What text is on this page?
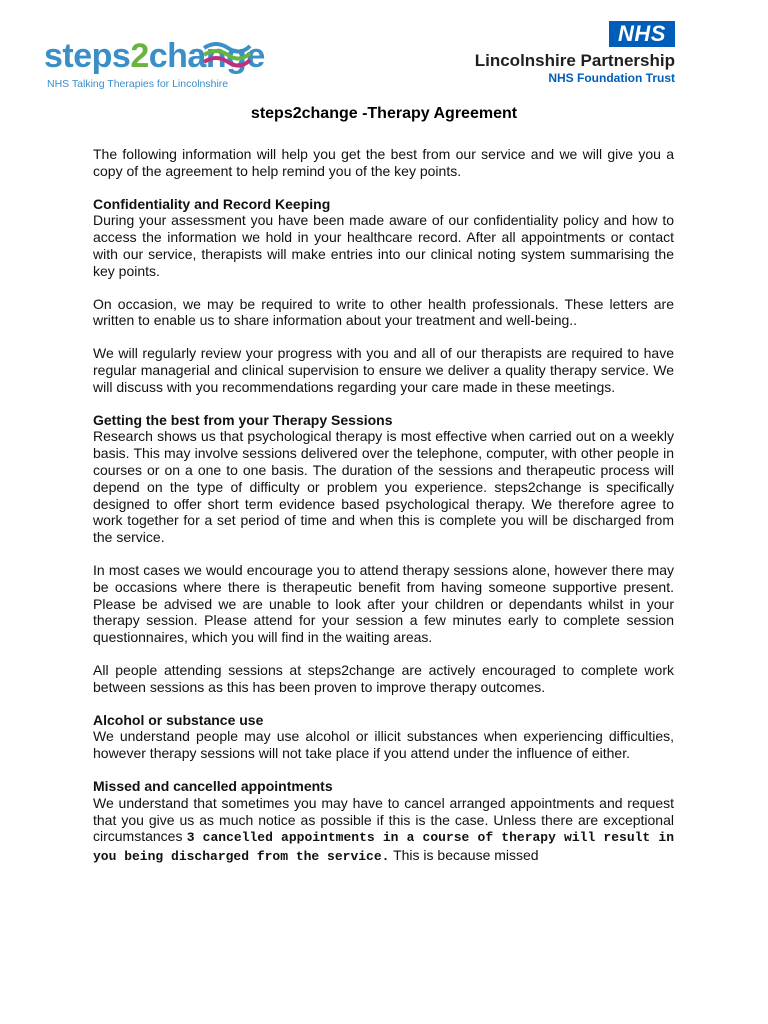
steps2change
NHS Talking Therapies for Lincolnshire
NHS
Lincolnshire Partnership
NHS Foundation Trust
steps2change -Therapy Agreement

The following information will help you get the best from our service and we will give you a copy of the agreement to help remind you of the key points.

Confidentiality and Record Keeping

During your assessment you have been made aware of our confidentiality policy and how to access the information we hold in your healthcare record. After all appointments or contact with our service, therapists will make entries into our clinical noting system summarising the key points.

On occasion, we may be required to write to other health professionals. These letters are written to enable us to share information about your treatment and well-being..

We will regularly review your progress with you and all of our therapists are required to have regular managerial and clinical supervision to ensure we deliver a quality therapy service. We will discuss with you recommendations regarding your care made in these meetings.

Getting the best from your Therapy Sessions

Research shows us that psychological therapy is most effective when carried out on a weekly basis. This may involve sessions delivered over the telephone, computer, with other people in courses or on a one to one basis. The duration of the sessions and therapeutic process will depend on the type of difficulty or problem you experience. steps2change is specifically designed to offer short term evidence based psychological therapy. We therefore agree to work together for a set period of time and when this is complete you will be discharged from the service.

In most cases we would encourage you to attend therapy sessions alone, however there may be occasions where there is therapeutic benefit from having someone supportive present. Please be advised we are unable to look after your children or dependants whilst in your therapy session. Please attend for your session a few minutes early to complete session questionnaires, which you will find in the waiting areas.

All people attending sessions at steps2change are actively encouraged to complete work between sessions as this has been proven to improve therapy outcomes.

Alcohol or substance use

We understand people may use alcohol or illicit substances when experiencing difficulties, however therapy sessions will not take place if you attend under the influence of either.

Missed and cancelled appointments

We understand that sometimes you may have to cancel arranged appointments and request that you give us as much notice as possible if this is the case. Unless there are exceptional circumstances 3 cancelled appointments in a course of therapy will result in you being discharged from the service. This is because missed
